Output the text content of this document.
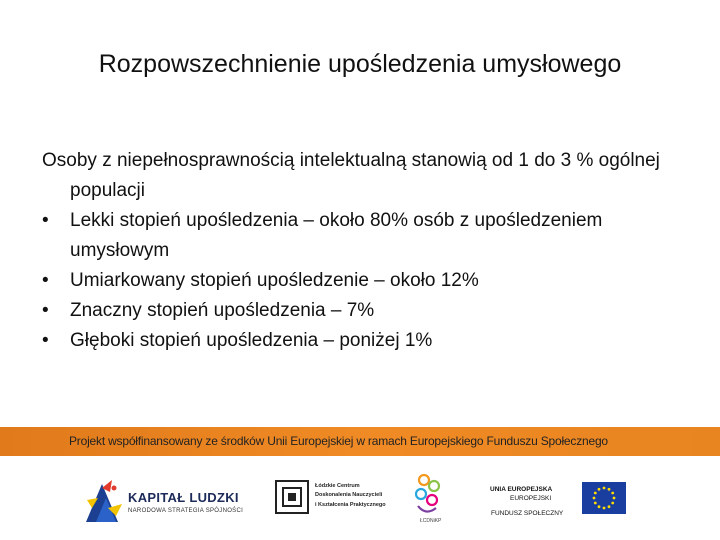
Rozpowszechnienie upośledzenia umysłowego
Osoby z niepełnosprawnością intelektualną stanowią od 1 do 3 % ogólnej populacji
•	Lekki stopień upośledzenia – około 80% osób z upośledzeniem umysłowym
•	Umiarkowany stopień upośledzenie – około 12%
•	Znaczny stopień upośledzenia – 7%
•	Głęboki stopień upośledzenia – poniżej 1%
Projekt współfinansowany ze środków Unii Europejskiej w ramach Europejskiego Funduszu Społecznego
KAPITAŁ LUDZKI
NARODOWA STRATEGIA SPÓJNOŚCI
Łódzkie Centrum
Doskonalenia Nauczycieli
i Kształcenia Praktycznego
ŁCDNiKP
UNIA EUROPEJSKA
EUROPEJSKI
FUNDUSZ SPOŁECZNY
